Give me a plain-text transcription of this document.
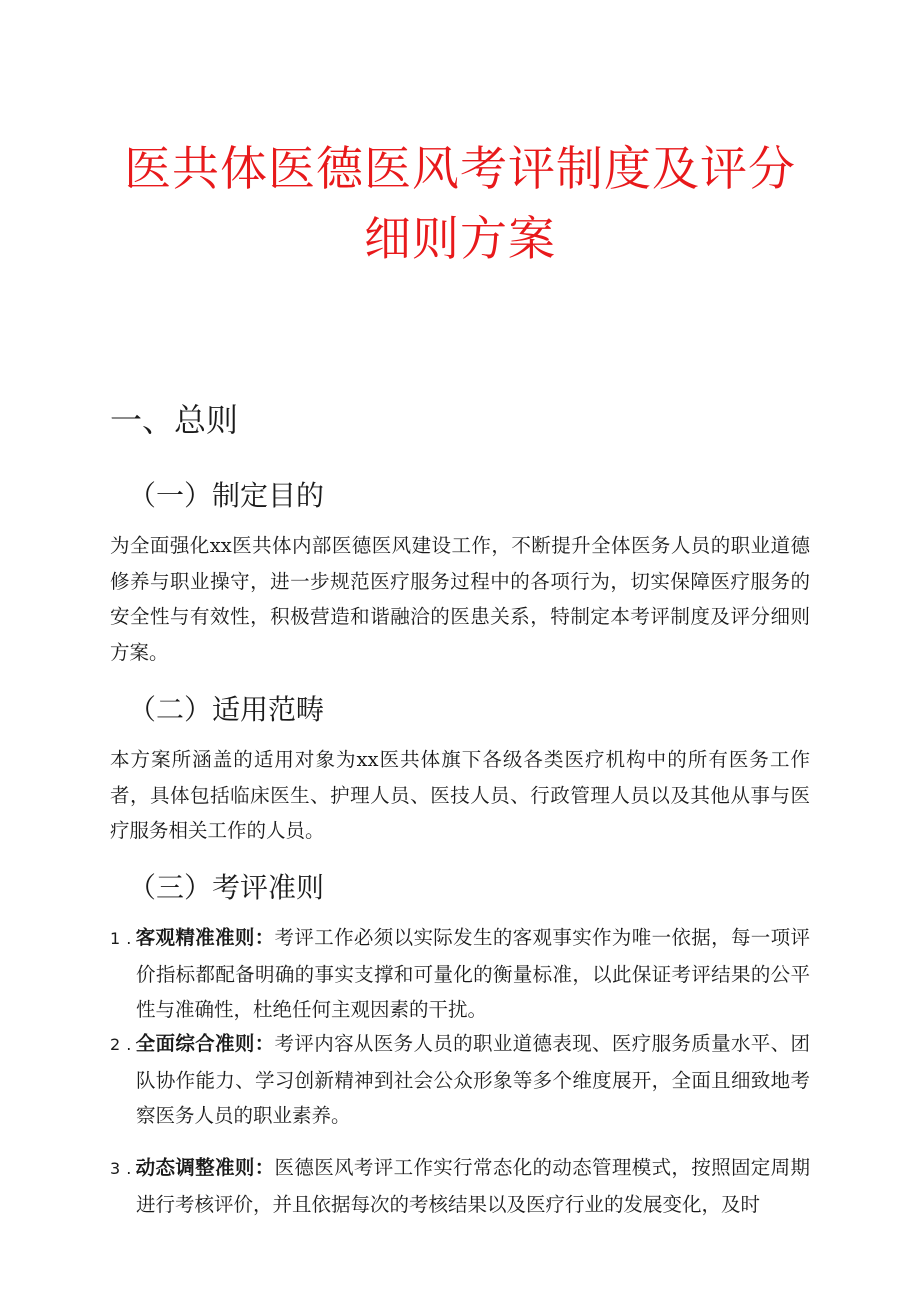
医共体医德医风考评制度及评分
细则方案
一、总则
（一）制定目的
为全面强化xx医共体内部医德医风建设工作，不断提升全体医务人员的职业道德修养与职业操守，进一步规范医疗服务过程中的各项行为，切实保障医疗服务的安全性与有效性，积极营造和谐融洽的医患关系，特制定本考评制度及评分细则方案。
（二）适用范畴
本方案所涵盖的适用对象为xx医共体旗下各级各类医疗机构中的所有医务工作者，具体包括临床医生、护理人员、医技人员、行政管理人员以及其他从事与医疗服务相关工作的人员。
（三）考评准则
1 . 客观精准准则：考评工作必须以实际发生的客观事实作为唯一依据，每一项评价指标都配备明确的事实支撑和可量化的衡量标准，以此保证考评结果的公平性与准确性，杜绝任何主观因素的干扰。
2 . 全面综合准则：考评内容从医务人员的职业道德表现、医疗服务质量水平、团队协作能力、学习创新精神到社会公众形象等多个维度展开，全面且细致地考察医务人员的职业素养。
3 . 动态调整准则：医德医风考评工作实行常态化的动态管理模式，按照固定周期进行考核评价，并且依据每次的考核结果以及医疗行业的发展变化，及时
